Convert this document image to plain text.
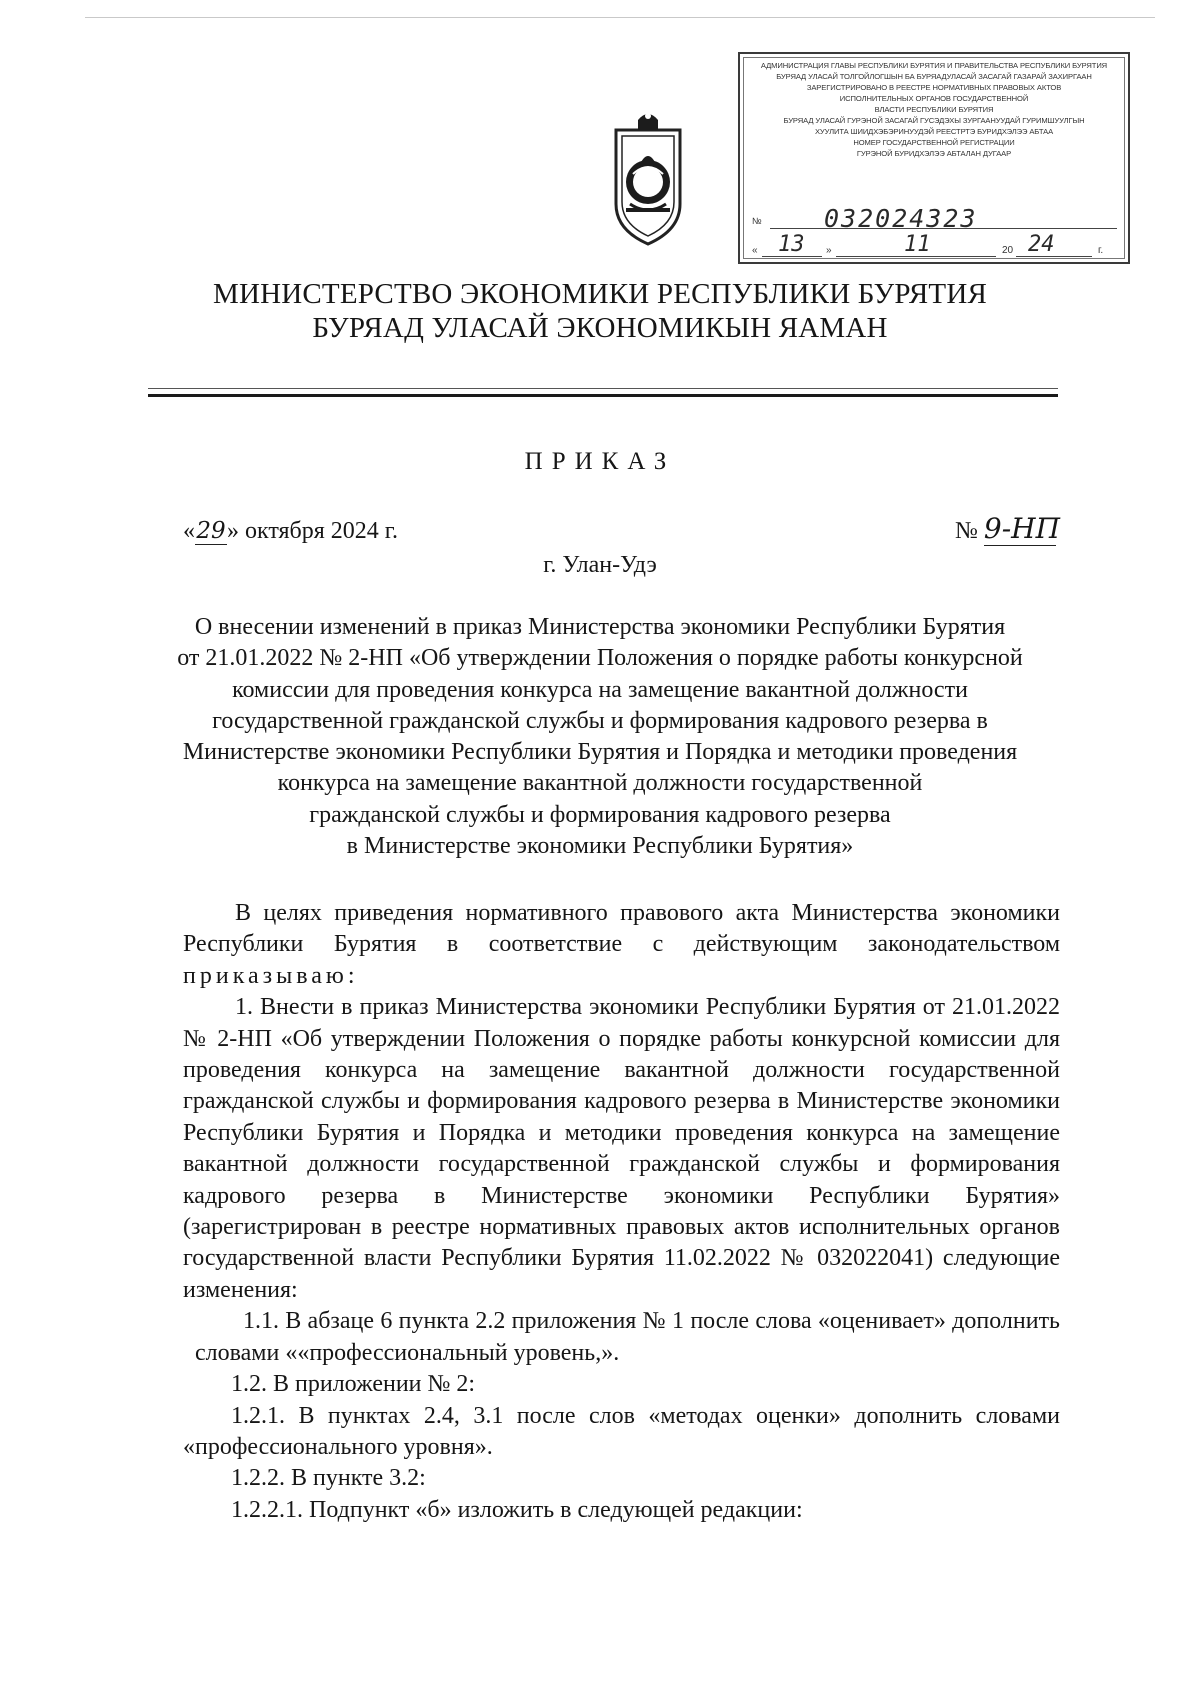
АДМИНИСТРАЦИЯ ГЛАВЫ РЕСПУБЛИКИ БУРЯТИЯ И ПРАВИТЕЛЬСТВА РЕСПУБЛИКИ БУРЯТИЯ
БУРЯАД УЛАСАЙ ТОЛГОЙЛОГШЫН БА БУРЯАДУЛАСАЙ ЗАСАГАЙ ГАЗАРАЙ ЗАХИРГААН
ЗАРЕГИСТРИРОВАНО В РЕЕСТРЕ НОРМАТИВНЫХ ПРАВОВЫХ АКТОВ
ИСПОЛНИТЕЛЬНЫХ ОРГАНОВ ГОСУДАРСТВЕННОЙ
ВЛАСТИ РЕСПУБЛИКИ БУРЯТИЯ
БУРЯАД УЛАСАЙ ГУРЭНОЙ ЗАСАГАЙ ГУСЭДЭХЫ ЗУРГААНУУДАЙ ГУРИМШУУЛГЫН
ХУУЛИТА ШИИДХЭБЭРИНУУДЭЙ РЕЕСТРТЭ БУРИДХЭЛЭЭ АБТАА
НОМЕР ГОСУДАРСТВЕННОЙ РЕГИСТРАЦИИ
ГУРЭНОЙ БУРИДХЭЛЭЭ АБТАЛАН ДУГААР
№ 032024323
« 13 »	11	20 24	г.
МИНИСТЕРСТВО ЭКОНОМИКИ РЕСПУБЛИКИ БУРЯТИЯ
БУРЯАД УЛАСАЙ ЭКОНОМИКЫН ЯАМАН
ПРИКАЗ
«29» октября 2024 г.	№ 9-НП
г. Улан-Удэ
О внесении изменений в приказ Министерства экономики Республики Бурятия
от 21.01.2022 № 2-НП «Об утверждении Положения о порядке работы конкурсной
комиссии для проведения конкурса на замещение вакантной должности
государственной гражданской службы и формирования кадрового резерва в
Министерстве экономики Республики Бурятия и Порядка и методики проведения
конкурса на замещение вакантной должности государственной
гражданской службы и формирования кадрового резерва
в Министерстве экономики Республики Бурятия»

В целях приведения нормативного правового акта Министерства экономики

Республики Бурятия в соответствие с действующим законодательством

приказываю:

1. Внести в приказ Министерства экономики Республики Бурятия от 21.01.2022

№ 2-НП «Об утверждении Положения о порядке работы конкурсной комиссии для

проведения конкурса на замещение вакантной должности государственной

гражданской службы и формирования кадрового резерва в Министерстве экономики

Республики Бурятия и Порядка и методики проведения конкурса на замещение

вакантной должности государственной гражданской службы и формирования

кадрового резерва в Министерстве экономики Республики Бурятия»

(зарегистрирован в реестре нормативных правовых актов исполнительных органов

государственной власти Республики Бурятия 11.02.2022 № 032022041) следующие

изменения:

1.1. В абзаце 6 пункта 2.2 приложения № 1 после слова «оценивает» дополнить

словами ««профессиональный уровень,».

1.2. В приложении № 2:

1.2.1. В пунктах 2.4, 3.1 после слов «методах оценки» дополнить словами

«профессионального уровня».

1.2.2. В пункте 3.2:

1.2.2.1. Подпункт «б» изложить в следующей редакции:
